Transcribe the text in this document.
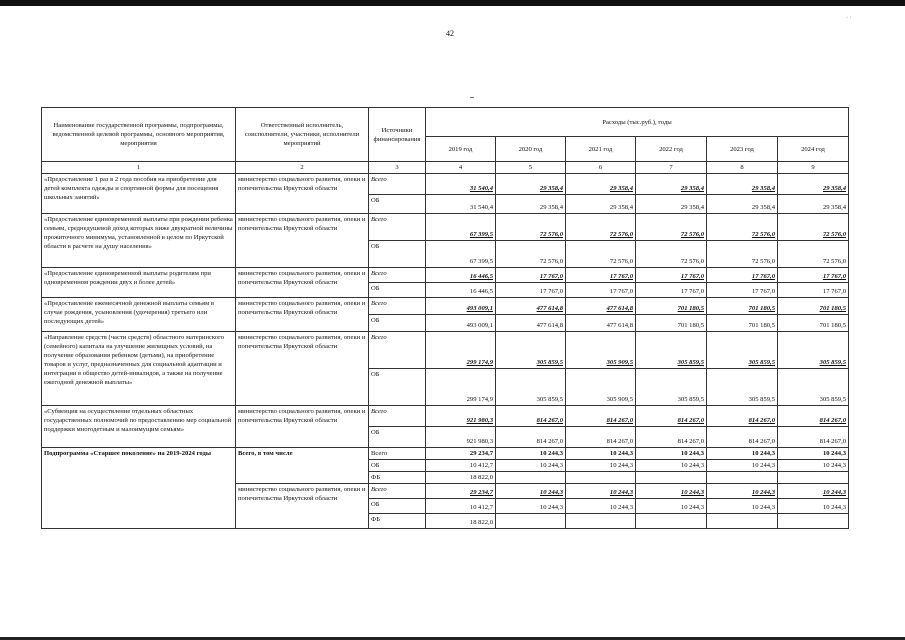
· ·
42
Наименование государственной программы, подпрограммы, ведомственной целевой программы, основного мероприятия, мероприятия	Ответственный исполнитель, соисполнители, участники, исполнители мероприятий	Источники финансирования	Расходы (тыс.руб.), годы					
			2019 год	2020 год	2021 год	2022 год	2023 год	2024 год
1	2	3	4	5	6	7	8	9
«Предоставление 1 раз в 2 года пособия на приобретение для детей комплекта одежды и спортивной формы для посещения школьных занятий»	министерство социального развития, опеки и попечительства Иркутской области	Всего	31 540,4	29 358,4	29 358,4	29 358,4	29 358,4	29 358,4
		ОБ	31 540,4	29 358,4	29 358,4	29 358,4	29 358,4	29 358,4
«Предоставление единовременной выплаты при рождении ребенка семьям, среднедушевой доход которых ниже двукратной величины прожиточного минимума, установленной в целом по Иркутской области в расчете на душу населения»	министерство социального развития, опеки и попечительства Иркутской области	Всего	67 399,5	72 576,0	72 576,0	72 576,0	72 576,0	72 576,0
		ОБ	67 399,5	72 576,0	72 576,0	72 576,0	72 576,0	72 576,0
«Предоставление единовременной выплаты родителям при одновременном рождении двух и более детей»	министерство социального развития, опеки и попечительства Иркутской области	Всего	16 446,5	17 767,0	17 767,0	17 767,0	17 767,0	17 767,0
		ОБ	16 446,5	17 767,0	17 767,0	17 767,0	17 767,0	17 767,0
«Предоставление ежемесячной денежной выплаты семьям в случае рождения, усыновления (удочерения) третьего или последующих детей»	министерство социального развития, опеки и попечительства Иркутской области	Всего	493 009,1	477 614,8	477 614,8	701 180,5	701 180,5	701 180,5
		ОБ	493 009,1	477 614,8	477 614,8	701 180,5	701 180,5	701 180,5
«Направление средств (части средств) областного материнского (семейного) капитала на улучшение жилищных условий, на получение образования ребенком (детьми), на приобретение товаров и услуг, предназначенных для социальной адаптации и интеграции в общество детей-инвалидов, а также на получение ежегодной денежной выплаты»	министерство социального развития, опеки и попечительства Иркутской области	Всего	299 174,9	305 859,5	305 909,5	305 859,5	305 859,5	305 859,5
		ОБ	299 174,9	305 859,5	305 909,5	305 859,5	305 859,5	305 859,5
«Субвенция на осуществление отдельных областных государственных полномочий по предоставлению мер социальной поддержки многодетным и малоимущим семьям»	министерство социального развития, опеки и попечительства Иркутской области	Всего	921 980,3	814 267,0	814 267,0	814 267,0	814 267,0	814 267,0
		ОБ	921 980,3	814 267,0	814 267,0	814 267,0	814 267,0	814 267,0
Подпрограмма «Старшее поколение» на 2019-2024 годы	Всего, в том числе	Всего	29 234,7	10 244,3	10 244,3	10 244,3	10 244,3	10 244,3
		ОБ	10 412,7	10 244,3	10 244,3	10 244,3	10 244,3	10 244,3
		ФБ	18 822,0					
	министерство социального развития, опеки и попечительства Иркутской области	Всего	29 234,7	10 244,3	10 244,3	10 244,3	10 244,3	10 244,3
		ОБ	10 412,7	10 244,3	10 244,3	10 244,3	10 244,3	10 244,3
		ФБ	18 822,0					
